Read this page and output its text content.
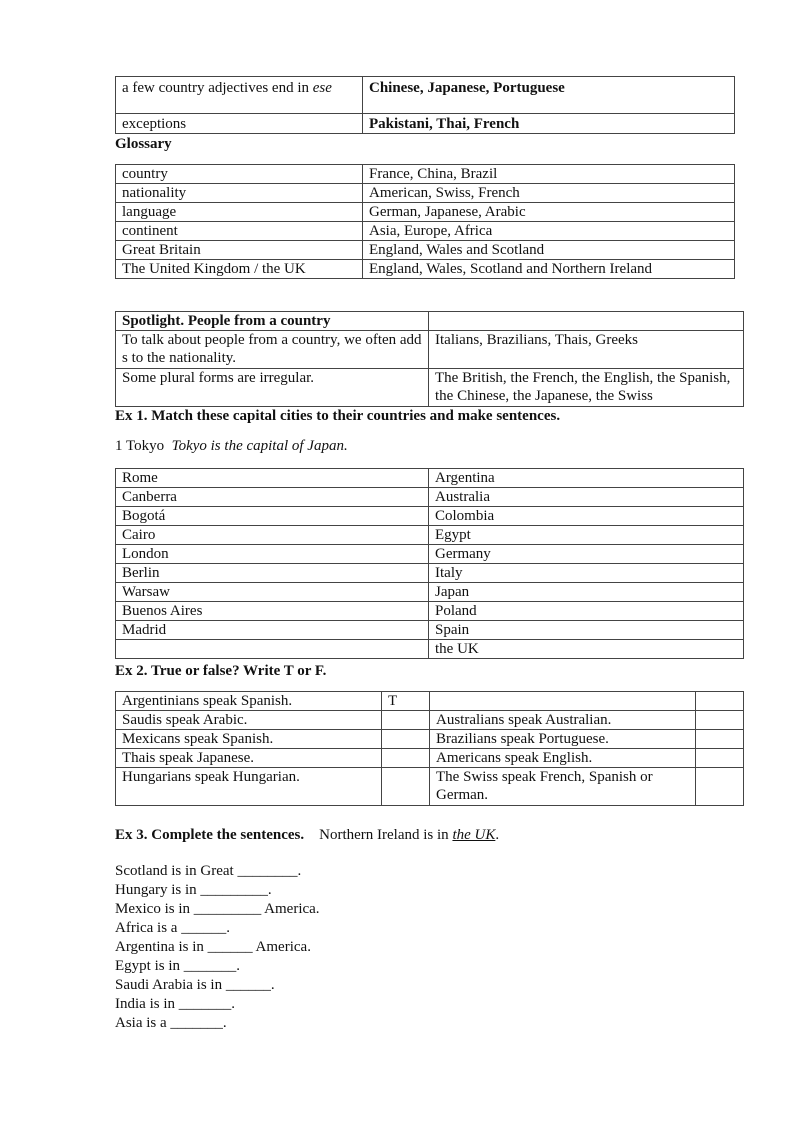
a few country adjectives end in ese	Chinese, Japanese, Portuguese
exceptions	Pakistani, Thai, French
Glossary
country	France, China, Brazil
nationality	American, Swiss, French
language	German, Japanese, Arabic
continent	Asia, Europe, Africa
Great Britain	England, Wales and Scotland
The United Kingdom / the UK	England, Wales, Scotland and Northern Ireland
Spotlight. People from a country	
To talk about people from a country, we often add s to the nationality.	Italians, Brazilians, Thais, Greeks
Some plural forms are irregular.	The British, the French, the English, the Spanish, the Chinese, the Japanese, the Swiss
Ex 1. Match these capital cities to their countries and make sentences.
1 Tokyo Tokyo is the capital of Japan.
Rome	Argentina
Canberra	Australia
Bogotá	Colombia
Cairo	Egypt
London	Germany
Berlin	Italy
Warsaw	Japan
Buenos Aires	Poland
Madrid	Spain
	the UK
Ex 2. True or false? Write T or F.
Argentinians speak Spanish.	T		
Saudis speak Arabic.		Australians speak Australian.	
Mexicans speak Spanish.		Brazilians speak Portuguese.	
Thais speak Japanese.		Americans speak English.	
Hungarians speak Hungarian.		The Swiss speak French, Spanish or German.	
Ex 3. Complete the sentences. Northern Ireland is in the UK.
Scotland is in Great ________.
Hungary is in _________.
Mexico is in _________ America.
Africa is a ______.
Argentina is in ______ America.
Egypt is in _______.
Saudi Arabia is in ______.
India is in _______.
Asia is a _______.
